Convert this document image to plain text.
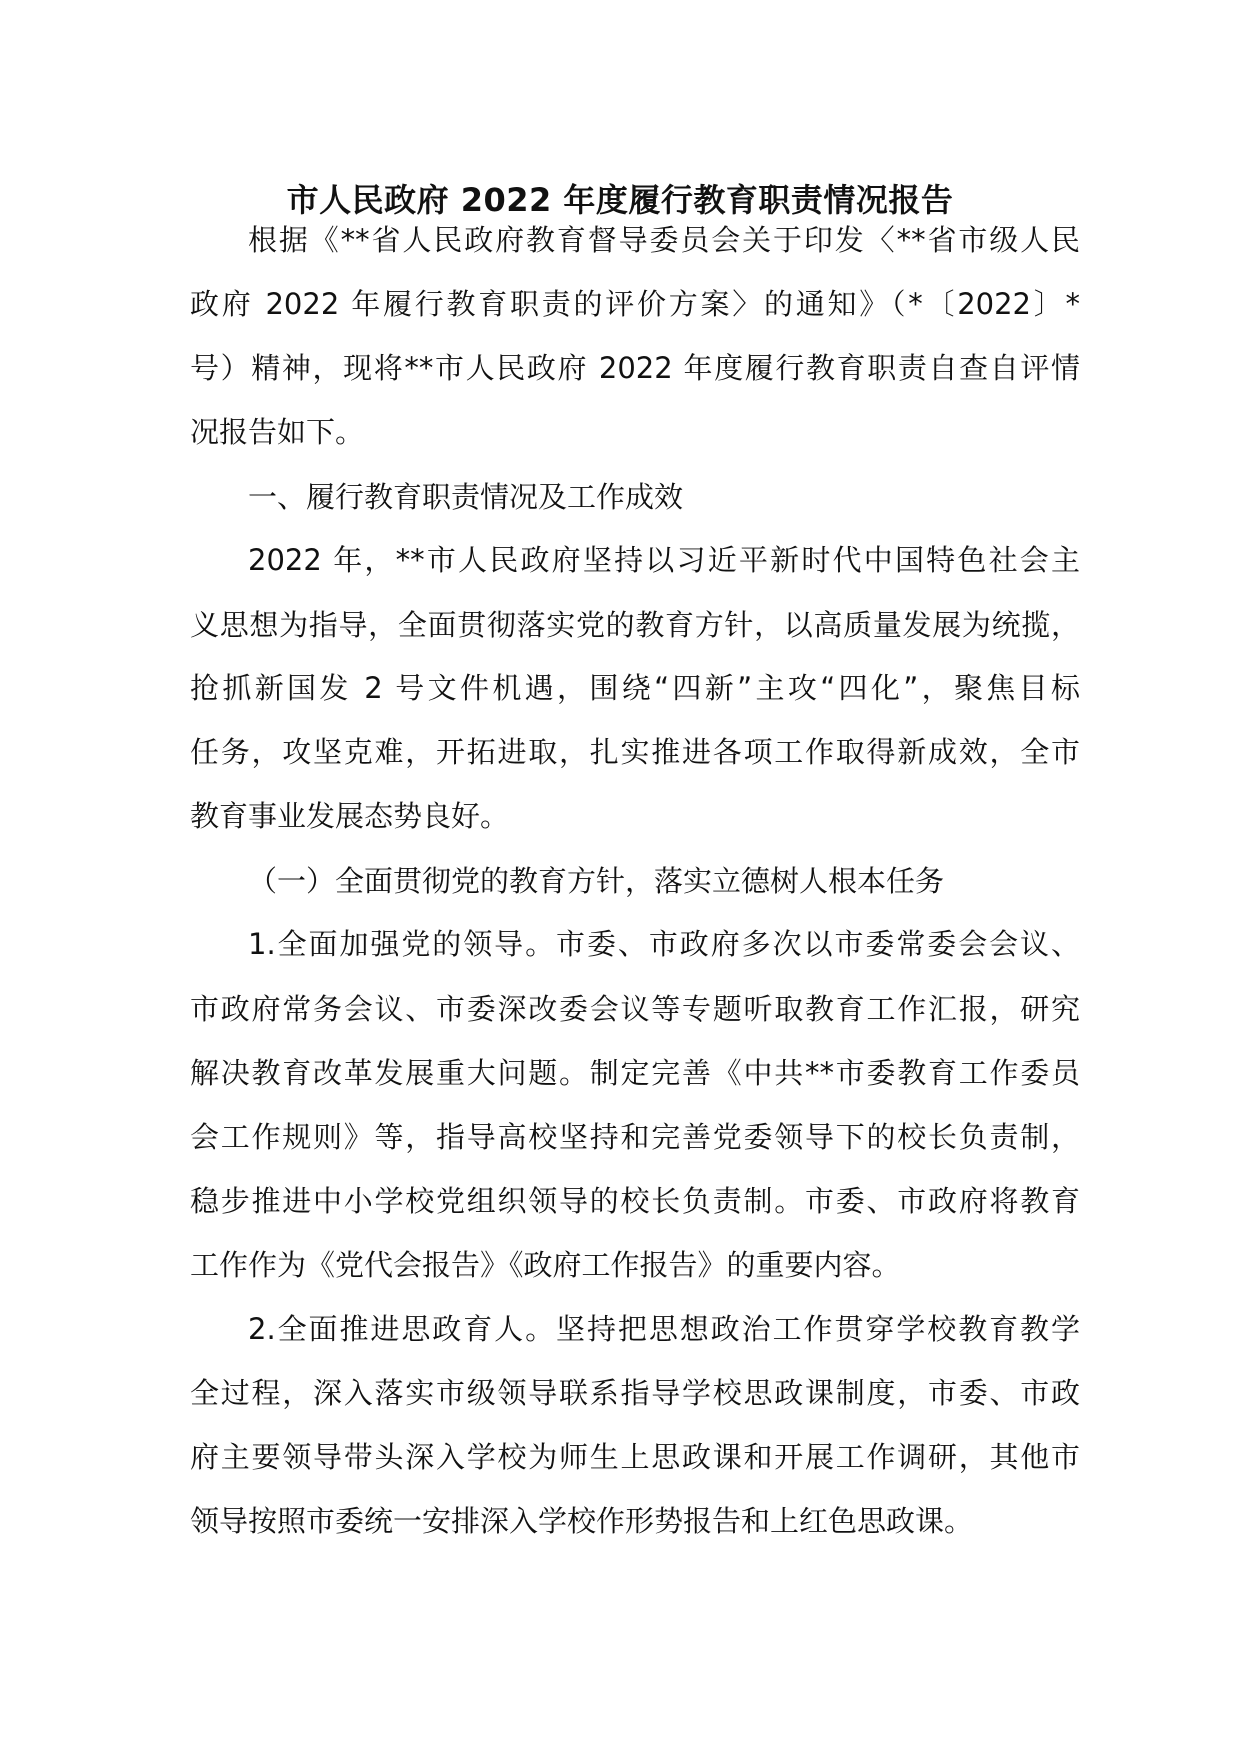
市人民政府 2022 年度履行教育职责情况报告
根据《**省人民政府教育督导委员会关于印发〈**省市级人民
政府 2022 年履行教育职责的评价方案〉的通知》（*〔2022〕*
号）精神，现将**市人民政府 2022 年度履行教育职责自查自评情
况报告如下。
一、履行教育职责情况及工作成效
2022 年，**市人民政府坚持以习近平新时代中国特色社会主
义思想为指导，全面贯彻落实党的教育方针，以高质量发展为统揽，
抢抓新国发 2 号文件机遇，围绕“四新”主攻“四化”，聚焦目标
任务，攻坚克难，开拓进取，扎实推进各项工作取得新成效，全市
教育事业发展态势良好。
（一）全面贯彻党的教育方针，落实立德树人根本任务
1.全面加强党的领导。市委、市政府多次以市委常委会会议、
市政府常务会议、市委深改委会议等专题听取教育工作汇报，研究
解决教育改革发展重大问题。制定完善《中共**市委教育工作委员
会工作规则》等，指导高校坚持和完善党委领导下的校长负责制，
稳步推进中小学校党组织领导的校长负责制。市委、市政府将教育
工作作为《党代会报告》《政府工作报告》的重要内容。
2.全面推进思政育人。坚持把思想政治工作贯穿学校教育教学
全过程，深入落实市级领导联系指导学校思政课制度，市委、市政
府主要领导带头深入学校为师生上思政课和开展工作调研，其他市
领导按照市委统一安排深入学校作形势报告和上红色思政课。
